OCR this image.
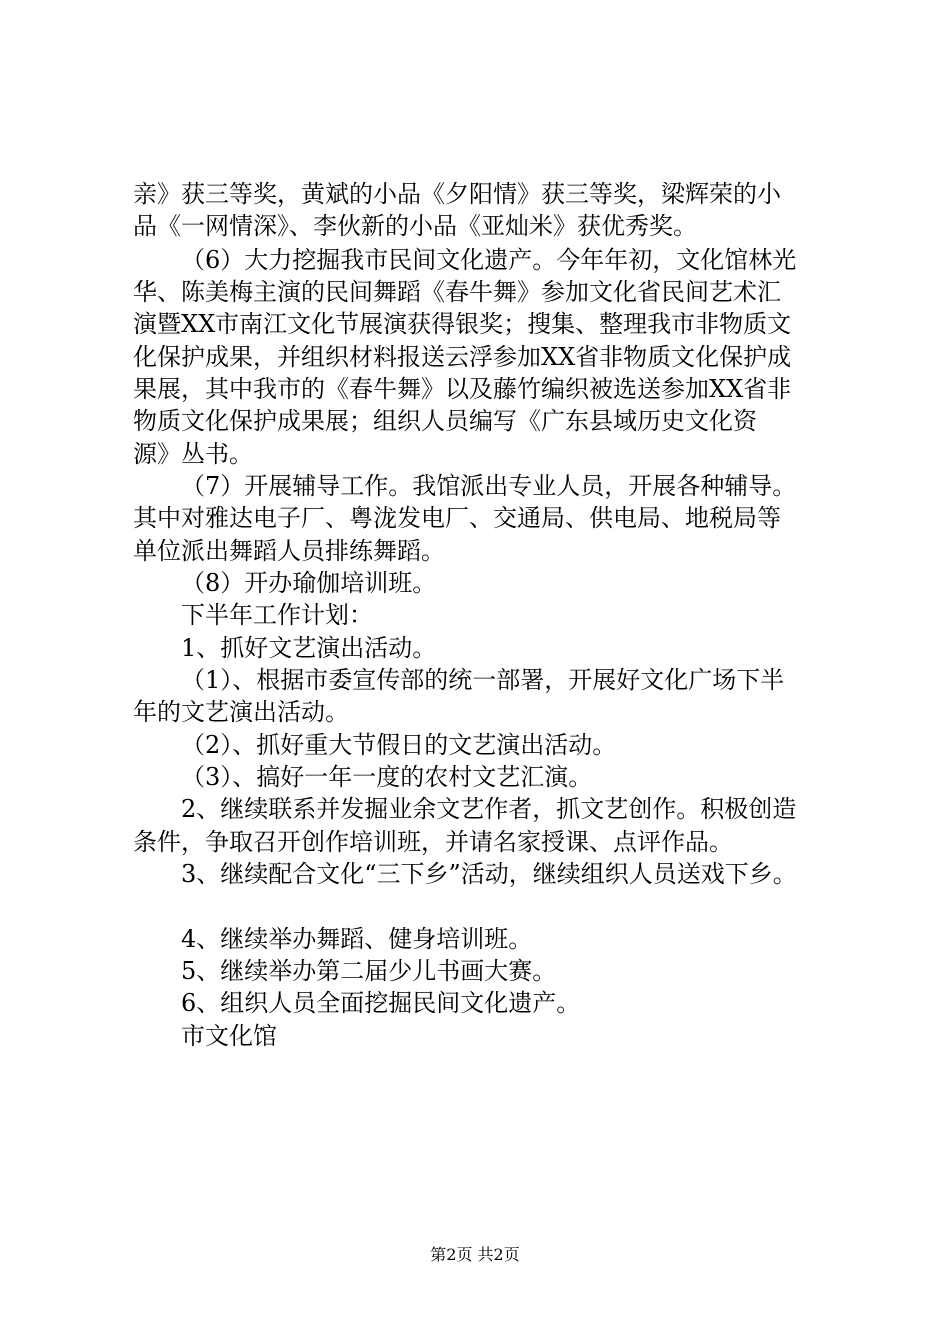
亲》获三等奖，黄斌的小品《夕阳情》获三等奖，梁辉荣的小
品《一网情深》、李伙新的小品《亚灿米》获优秀奖。
（6）大力挖掘我市民间文化遗产。今年年初，文化馆林光
华、陈美梅主演的民间舞蹈《春牛舞》参加文化省民间艺术汇
演暨XX市南江文化节展演获得银奖；搜集、整理我市非物质文
化保护成果，并组织材料报送云浮参加XX省非物质文化保护成
果展，其中我市的《春牛舞》以及藤竹编织被选送参加XX省非
物质文化保护成果展；组织人员编写《广东县域历史文化资
源》丛书。
（7）开展辅导工作。我馆派出专业人员，开展各种辅导。
其中对雅达电子厂、粤泷发电厂、交通局、供电局、地税局等
单位派出舞蹈人员排练舞蹈。
（8）开办瑜伽培训班。
下半年工作计划：
1、抓好文艺演出活动。
（1）、根据市委宣传部的统一部署，开展好文化广场下半
年的文艺演出活动。
（2）、抓好重大节假日的文艺演出活动。
（3）、搞好一年一度的农村文艺汇演。
2、继续联系并发掘业余文艺作者，抓文艺创作。积极创造
条件，争取召开创作培训班，并请名家授课、点评作品。
3、继续配合文化“三下乡”活动，继续组织人员送戏下乡。
4、继续举办舞蹈、健身培训班。
5、继续举办第二届少儿书画大赛。
6、组织人员全面挖掘民间文化遗产。
市文化馆
第2页 共2页
